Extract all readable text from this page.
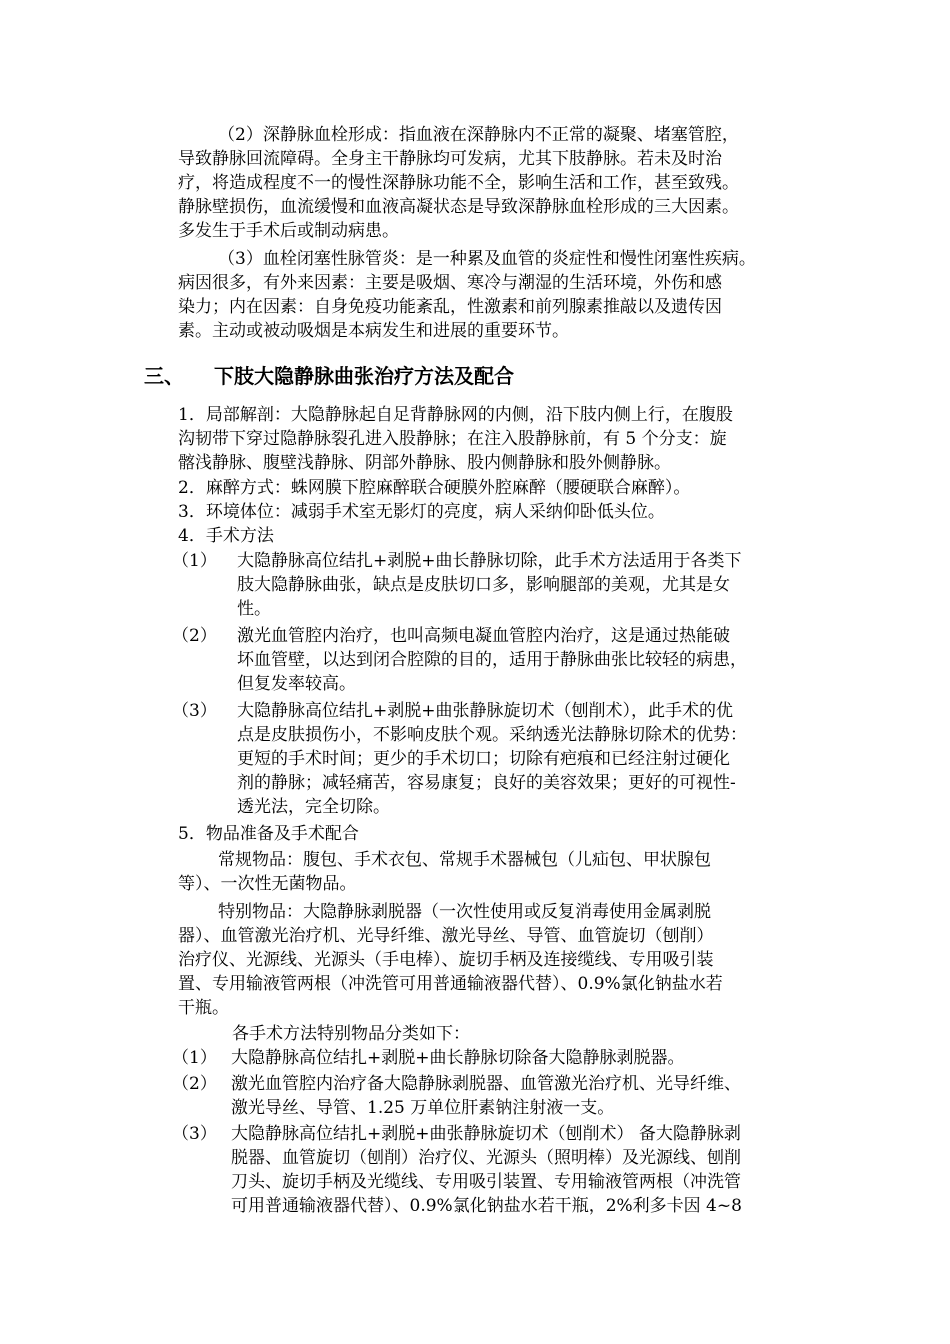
（2）深静脉血栓形成：指血液在深静脉内不正常的凝聚、堵塞管腔，
导致静脉回流障碍。全身主干静脉均可发病，尤其下肢静脉。若未及时治
疗，将造成程度不一的慢性深静脉功能不全，影响生活和工作，甚至致残。
静脉壁损伤，血流缓慢和血液高凝状态是导致深静脉血栓形成的三大因素。
多发生于手术后或制动病患。
（3）血栓闭塞性脉管炎：是一种累及血管的炎症性和慢性闭塞性疾病。
病因很多，有外来因素：主要是吸烟、寒冷与潮湿的生活环境，外伤和感
染力；内在因素：自身免疫功能紊乱，性激素和前列腺素推敲以及遗传因
素。主动或被动吸烟是本病发生和进展的重要环节。
三、 下肢大隐静脉曲张治疗方法及配合
1．局部解剖：大隐静脉起自足背静脉网的内侧，沿下肢内侧上行，在腹股
沟韧带下穿过隐静脉裂孔进入股静脉；在注入股静脉前，有 5 个分支：旋
髂浅静脉、腹壁浅静脉、阴部外静脉、股内侧静脉和股外侧静脉。
2．麻醉方式：蛛网膜下腔麻醉联合硬膜外腔麻醉（腰硬联合麻醉）。
3．环境体位：减弱手术室无影灯的亮度，病人采纳仰卧低头位。
4．手术方法
（1） 大隐静脉高位结扎+剥脱+曲长静脉切除，此手术方法适用于各类下
肢大隐静脉曲张，缺点是皮肤切口多，影响腿部的美观，尤其是女
性。
（2） 激光血管腔内治疗，也叫高频电凝血管腔内治疗，这是通过热能破
坏血管壁，以达到闭合腔隙的目的，适用于静脉曲张比较轻的病患，
但复发率较高。
（3） 大隐静脉高位结扎+剥脱+曲张静脉旋切术（刨削术），此手术的优
点是皮肤损伤小，不影响皮肤个观。采纳透光法静脉切除术的优势：
更短的手术时间；更少的手术切口；切除有疤痕和已经注射过硬化
剂的静脉；减轻痛苦，容易康复；良好的美容效果；更好的可视性-
透光法，完全切除。
5．物品准备及手术配合
常规物品：腹包、手术衣包、常规手术器械包（儿疝包、甲状腺包
等）、一次性无菌物品。
特别物品：大隐静脉剥脱器（一次性使用或反复消毒使用金属剥脱
器）、血管激光治疗机、光导纤维、激光导丝、导管、血管旋切（刨削）
治疗仪、光源线、光源头（手电棒）、旋切手柄及连接缆线、专用吸引装
置、专用输液管两根（冲洗管可用普通输液器代替）、0.9%氯化钠盐水若
干瓶。
各手术方法特别物品分类如下：
（1） 大隐静脉高位结扎+剥脱+曲长静脉切除备大隐静脉剥脱器。
（2） 激光血管腔内治疗备大隐静脉剥脱器、血管激光治疗机、光导纤维、
激光导丝、导管、1.25 万单位肝素钠注射液一支。
（3） 大隐静脉高位结扎+剥脱+曲张静脉旋切术（刨削术） 备大隐静脉剥
脱器、血管旋切（刨削）治疗仪、光源头（照明棒）及光源线、刨削
刀头、旋切手柄及光缆线、专用吸引装置、专用输液管两根（冲洗管
可用普通输液器代替）、0.9%氯化钠盐水若干瓶，2%利多卡因 4~8
